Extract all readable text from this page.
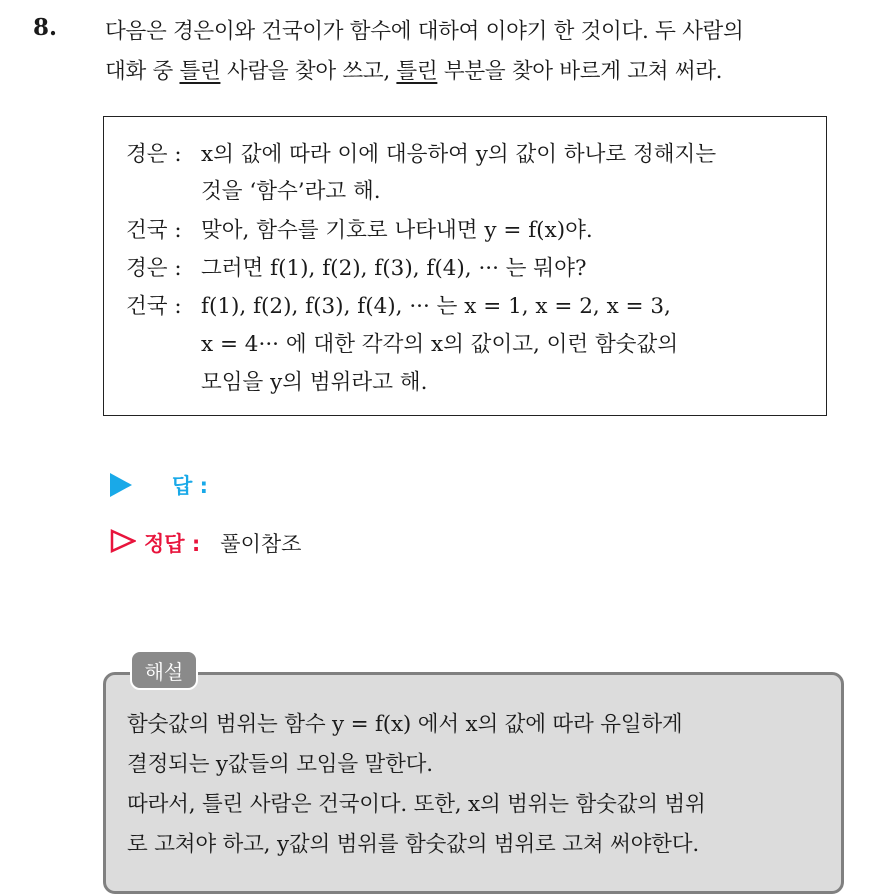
8. 다음은 경은이와 건국이가 함수에 대하여 이야기 한 것이다. 두 사람의
대화 중 틀린 사람을 찾아 쓰고, 틀린 부분을 찾아 바르게 고쳐 써라.
경은 : x의 값에 따라 이에 대응하여 y의 값이 하나로 정해지는
것을 ‘함수’라고 해.
건국 : 맞아, 함수를 기호로 나타내면 y = f(x)야.
경은 : 그러면 f(1), f(2), f(3), f(4), ··· 는 뭐야?
건국 : f(1), f(2), f(3), f(4), ··· 는 x = 1, x = 2, x = 3,
x = 4··· 에 대한 각각의 x의 값이고, 이런 함숫값의
모임을 y의 범위라고 해.
답 :
정답 : 풀이참조
해설
함숫값의 범위는 함수 y = f(x) 에서 x의 값에 따라 유일하게
결정되는 y값들의 모임을 말한다.
따라서, 틀린 사람은 건국이다. 또한, x의 범위는 함숫값의 범위
로 고쳐야 하고, y값의 범위를 함숫값의 범위로 고쳐 써야한다.
